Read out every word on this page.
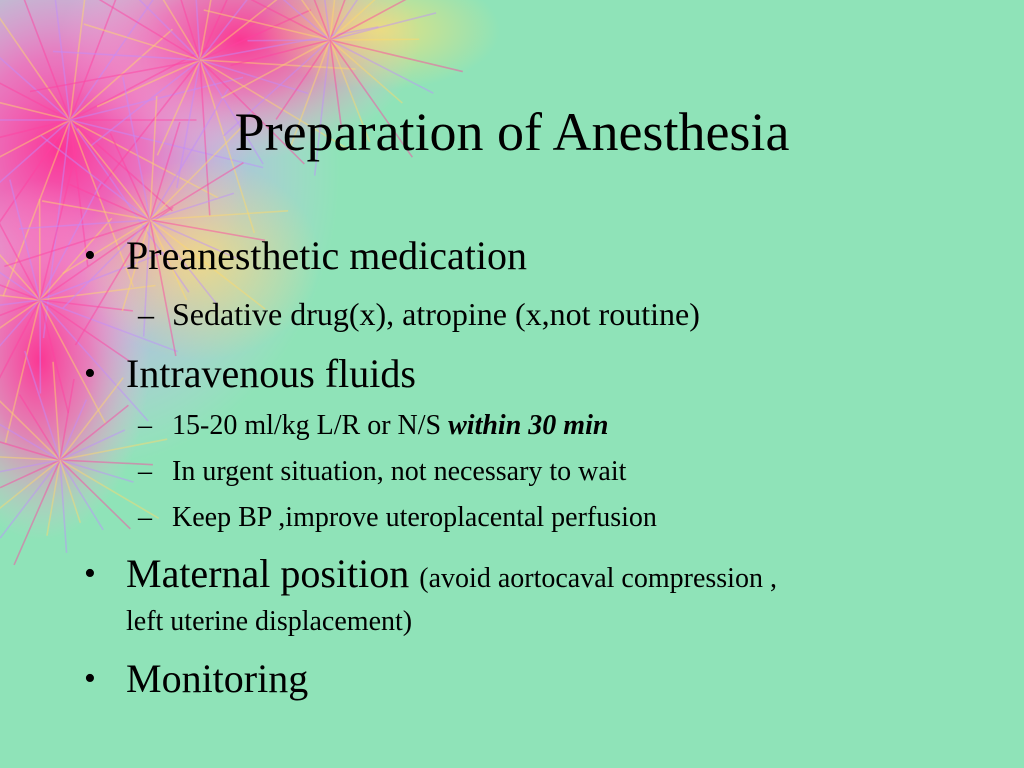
Preparation of Anesthesia
• Preanesthetic medication
– Sedative drug(x), atropine (x,not routine)
• Intravenous fluids
– 15-20 ml/kg L/R or N/S within 30 min
– In urgent situation, not necessary to wait
– Keep BP ,improve uteroplacental perfusion
• Maternal position (avoid aortocaval compression ,
left uterine displacement)
• Monitoring
